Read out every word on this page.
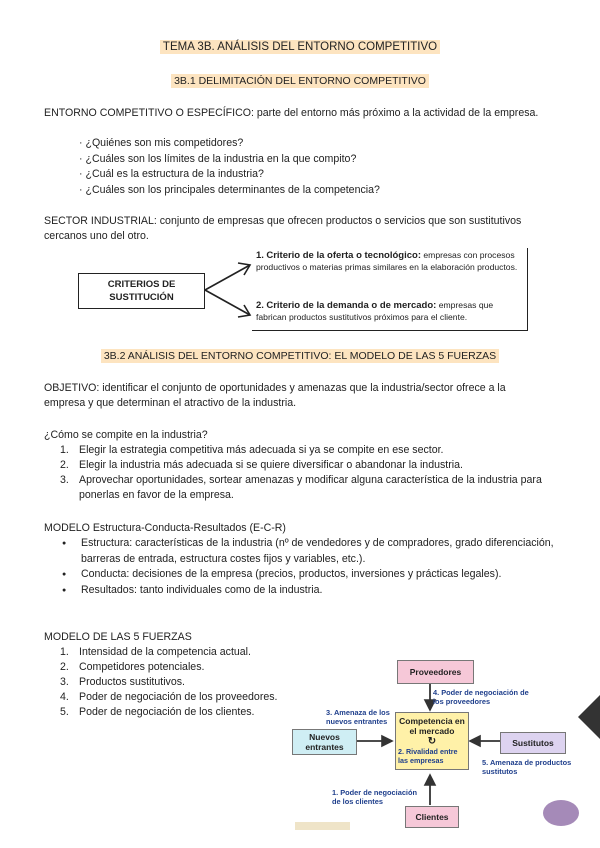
TEMA 3B. ANÁLISIS DEL ENTORNO COMPETITIVO
3B.1 DELIMITACIÓN DEL ENTORNO COMPETITIVO
ENTORNO COMPETITIVO O ESPECÍFICO: parte del entorno más próximo a la actividad de la empresa.
· ¿Quiénes son mis competidores?
· ¿Cuáles son los límites de la industria en la que compito?
· ¿Cuál es la estructura de la industria?
· ¿Cuáles son los principales determinantes de la competencia?
SECTOR INDUSTRIAL: conjunto de empresas que ofrecen productos o servicios que son sustitutivos cercanos uno del otro.
CRITERIOS DE SUSTITUCIÓN
1. Criterio de la oferta o tecnológico: empresas con procesos productivos o materias primas similares en la elaboración productos.
2. Criterio de la demanda o de mercado: empresas que fabrican productos sustitutivos próximos para el cliente.
3B.2 ANÁLISIS DEL ENTORNO COMPETITIVO: EL MODELO DE LAS 5 FUERZAS
OBJETIVO: identificar el conjunto de oportunidades y amenazas que la industria/sector ofrece a la empresa y que determinan el atractivo de la industria.
¿Cómo se compite en la industria?
1. Elegir la estrategia competitiva más adecuada si ya se compite en ese sector.
2. Elegir la industria más adecuada si se quiere diversificar o abandonar la industria.
3. Aprovechar oportunidades, sortear amenazas y modificar alguna característica de la industria para ponerlas en favor de la empresa.
MODELO Estructura-Conducta-Resultados (E-C-R)
● Estructura: características de la industria (nº de vendedores y de compradores, grado diferenciación, barreras de entrada, estructura costes fijos y variables, etc.).
● Conducta: decisiones de la empresa (precios, productos, inversiones y prácticas legales).
● Resultados: tanto individuales como de la industria.
MODELO DE LAS 5 FUERZAS
1. Intensidad de la competencia actual.
2. Competidores potenciales.
3. Productos sustitutivos.
4. Poder de negociación de los proveedores.
5. Poder de negociación de los clientes.
Proveedores
4. Poder de negociación de los proveedores
3. Amenaza de los nuevos entrantes
Nuevos entrantes
Competencia en el mercado
↻
2. Rivalidad entre las empresas
Sustitutos
5. Amenaza de productos sustitutos
1. Poder de negociación de los clientes
Clientes
